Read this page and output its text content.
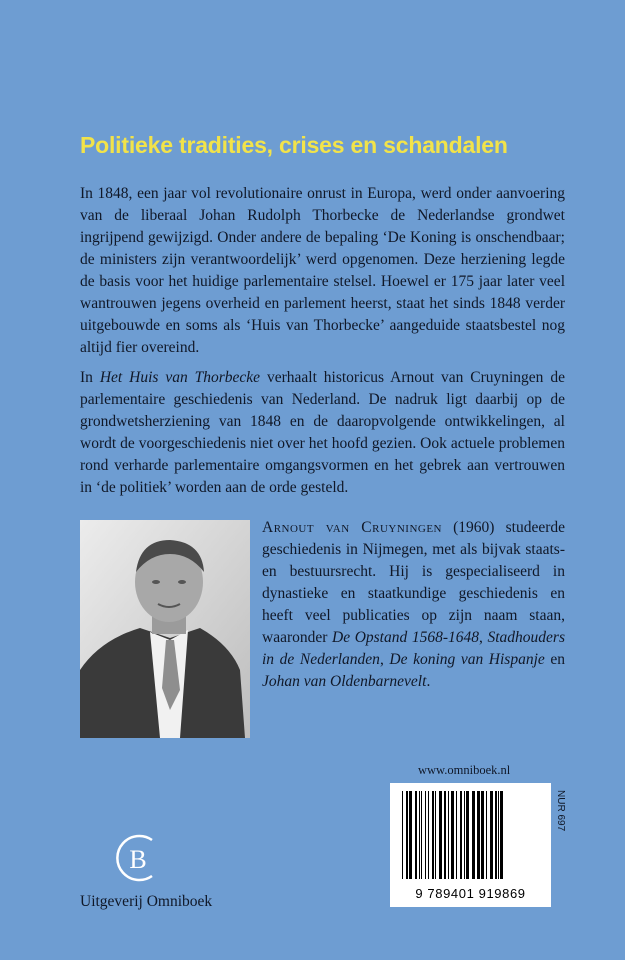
Politieke tradities, crises en schandalen

In 1848, een jaar vol revolutionaire onrust in Europa, werd onder aanvoering van de liberaal Johan Rudolph Thorbecke de Nederlandse grondwet ingrijpend gewijzigd. Onder andere de bepaling ‘De Koning is onschendbaar; de ministers zijn verantwoordelijk’ werd opgenomen. Deze herziening legde de basis voor het huidige parlementaire stelsel. Hoewel er 175 jaar later veel wantrouwen jegens overheid en parlement heerst, staat het sinds 1848 verder uitgebouwde en soms als ‘Huis van Thorbecke’ aangeduide staatsbestel nog altijd fier overeind.

In Het Huis van Thorbecke verhaalt historicus Arnout van Cruyningen de parlementaire geschiedenis van Nederland. De nadruk ligt daarbij op de grondwetsherziening van 1848 en de daaropvolgende ontwikkelingen, al wordt de voorgeschiedenis niet over het hoofd gezien. Ook actuele problemen rond verharde parlementaire omgangsvormen en het gebrek aan vertrouwen in ‘de politiek’ worden aan de orde gesteld.

Arnout van Cruyningen (1960) studeerde geschiedenis in Nijmegen, met als bijvak staats- en bestuursrecht. Hij is gespecialiseerd in dynastieke en staatkundige geschiedenis en heeft veel publicaties op zijn naam staan, waaronder De Opstand 1568-1648, Stadhouders in de Nederlanden, De koning van Hispanje en Johan van Oldenbarnevelt.

www.omniboek.nl
9 789401 919869
NUR 697
B
Uitgeverij Omniboek
